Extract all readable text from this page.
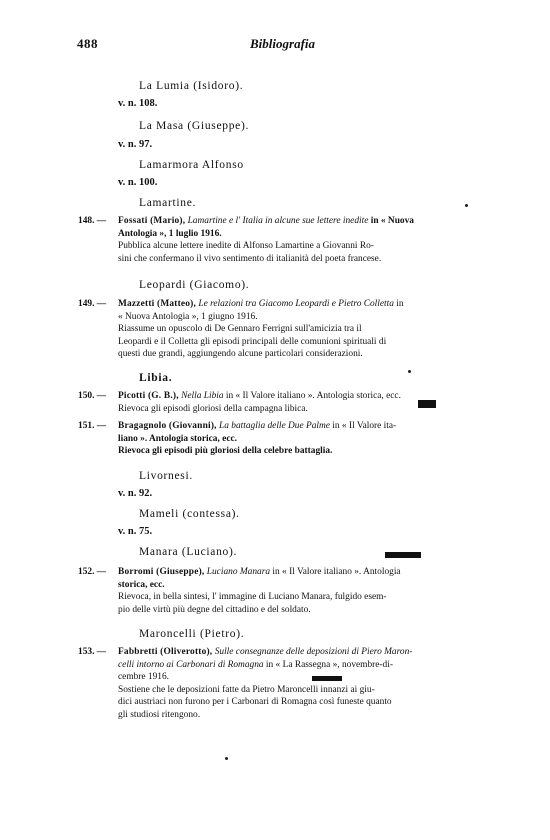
488	Bibliografia
La Lumia (Isidoro).
v. n. 108.
La Masa (Giuseppe).
v. n. 97.
Lamarmora Alfonso
v. n. 100.
Lamartine.

148. — Fossati (Mario), Lamartine e l' Italia in alcune sue lettere inedite in « Nuova

Antologia », 1 luglio 1916.

Pubblica alcune lettere inedite di Alfonso Lamartine a Giovanni Ro-

sini che confermano il vivo sentimento di italianità del poeta francese.

Leopardi (Giacomo).

149. — Mazzetti (Matteo), Le relazioni tra Giacomo Leopardi e Pietro Colletta in

« Nuova Antologia », 1 giugno 1916.

Riassume un opuscolo di De Gennaro Ferrigni sull'amicizia tra il

Leopardi e il Colletta gli episodi principali delle comunioni spirituali di

questi due grandi, aggiungendo alcune particolari considerazioni.

Libia.

150. — Picotti (G. B.), Nella Libia in « Il Valore italiano ». Antologia storica, ecc.

Rievoca gli episodi gloriosi della campagna libica.

151. — Bragagnolo (Giovanni), La battaglia delle Due Palme in « Il Valore ita-

liano ». Antologia storica, ecc.

Rievoca gli episodi più gloriosi della celebre battaglia.

Livornesi.
v. n. 92.
Mameli (contessa).
v. n. 75.
Manara (Luciano).

152. — Borromi (Giuseppe), Luciano Manara in « Il Valore italiano ». Antologia

storica, ecc.

Rievoca, in bella sintesi, l' immagine di Luciano Manara, fulgido esem-

pio delle virtù più degne del cittadino e del soldato.

Maroncelli (Pietro).

153. — Fabbretti (Oliverotto), Sulle consegnanze delle deposizioni di Piero Maron-

celli intorno ai Carbonari di Romagna in « La Rassegna », novembre-di-

cembre 1916.

Sostiene che le deposizioni fatte da Pietro Maroncelli innanzi ai giu-

dici austriaci non furono per i Carbonari di Romagna così funeste quanto

gli studiosi ritengono.
